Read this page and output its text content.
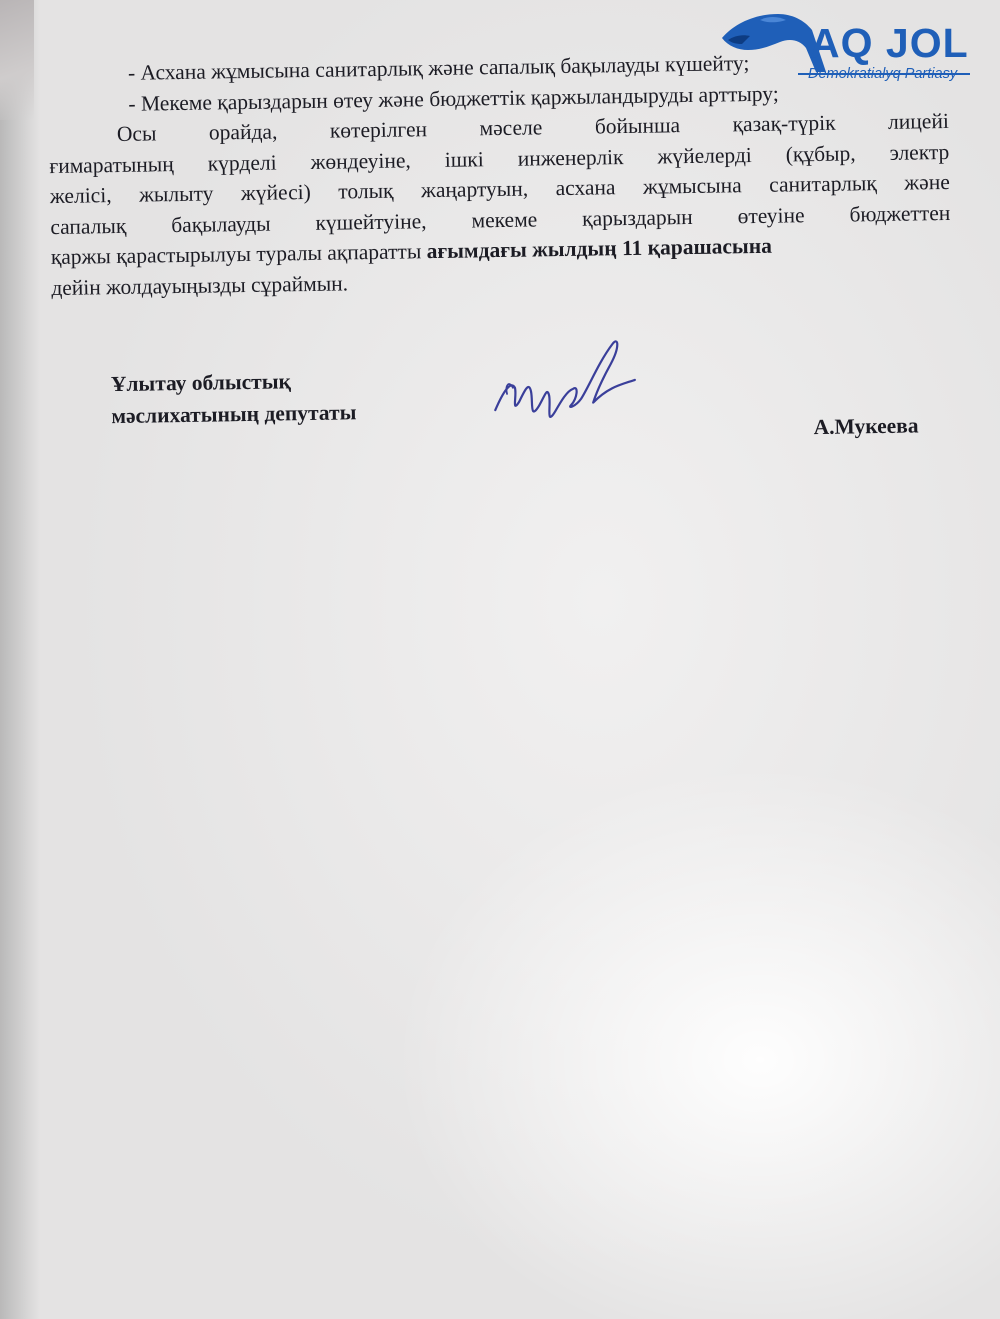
- Асхана жұмысына санитарлық және сапалық бақылауды күшейту;
- Мекеме қарыздарын өтеу және бюджеттік қаржыландыруды арттыру;
Осы орайда, көтерілген мәселе бойынша қазақ-түрік лицейі
ғимаратының күрделі жөндеуіне, ішкі инженерлік жүйелерді (құбыр, электр
желісі, жылыту жүйесі) толық жаңартуын, асхана жұмысына санитарлық және
сапалық бақылауды күшейтуіне, мекеме қарыздарын өтеуіне бюджеттен
қаржы қарастырылуы туралы ақпаратты ағымдағы жылдың 11 қарашасына
дейін жолдауыңызды сұраймын.
Ұлытау облыстық
мәслихатының депутаты	А.Мукеева
AQ JOL
Demokratialyq Partiasy
